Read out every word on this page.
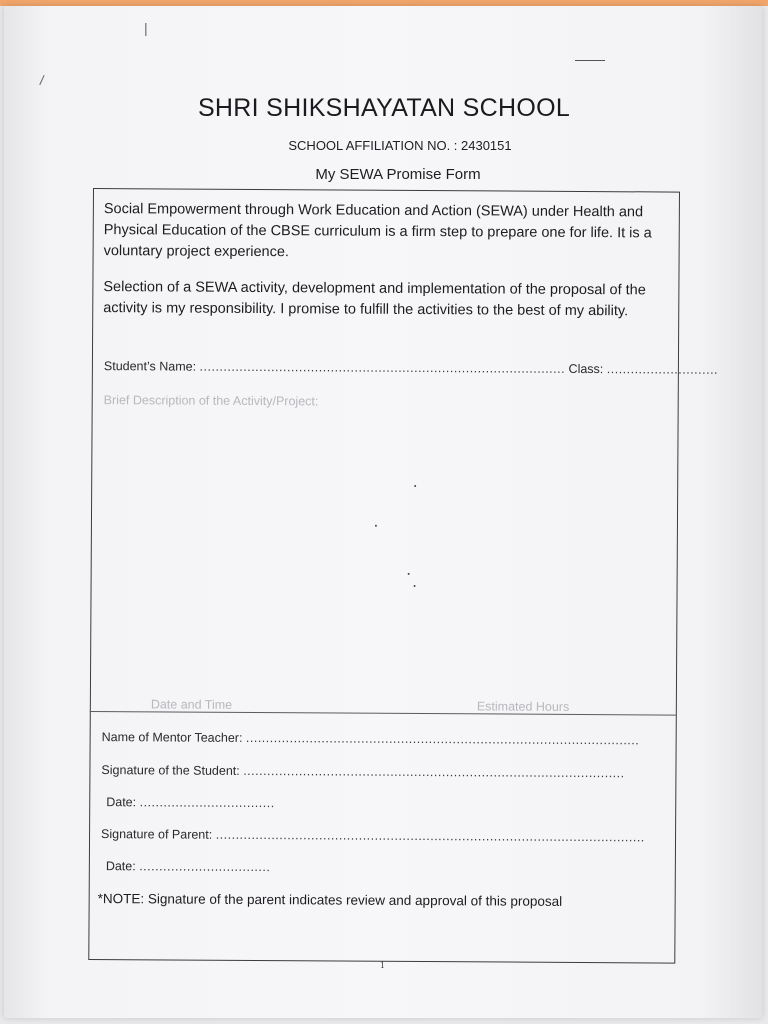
|
\
SHRI SHIKSHAYATAN SCHOOL
SCHOOL AFFILIATION NO. : 2430151
My SEWA Promise Form
Social Empowerment through Work Education and Action (SEWA) under Health and Physical Education of the CBSE curriculum is a firm step to prepare one for life. It is a voluntary project experience.
Selection of a SEWA activity, development and implementation of the proposal of the activity is my responsibility. I promise to fulfill the activities to the best of my ability.
Student’s Name: ............................................................................................ Class: ............................
Brief Description of the Activity/Project:
Date and Time	Estimated Hours
Name of Mentor Teacher: ...................................................................................................
Signature of the Student: ................................................................................................
Date: ..................................
Signature of Parent: ............................................................................................................
Date: .................................
*NOTE: Signature of the parent indicates review and approval of this proposal
1
